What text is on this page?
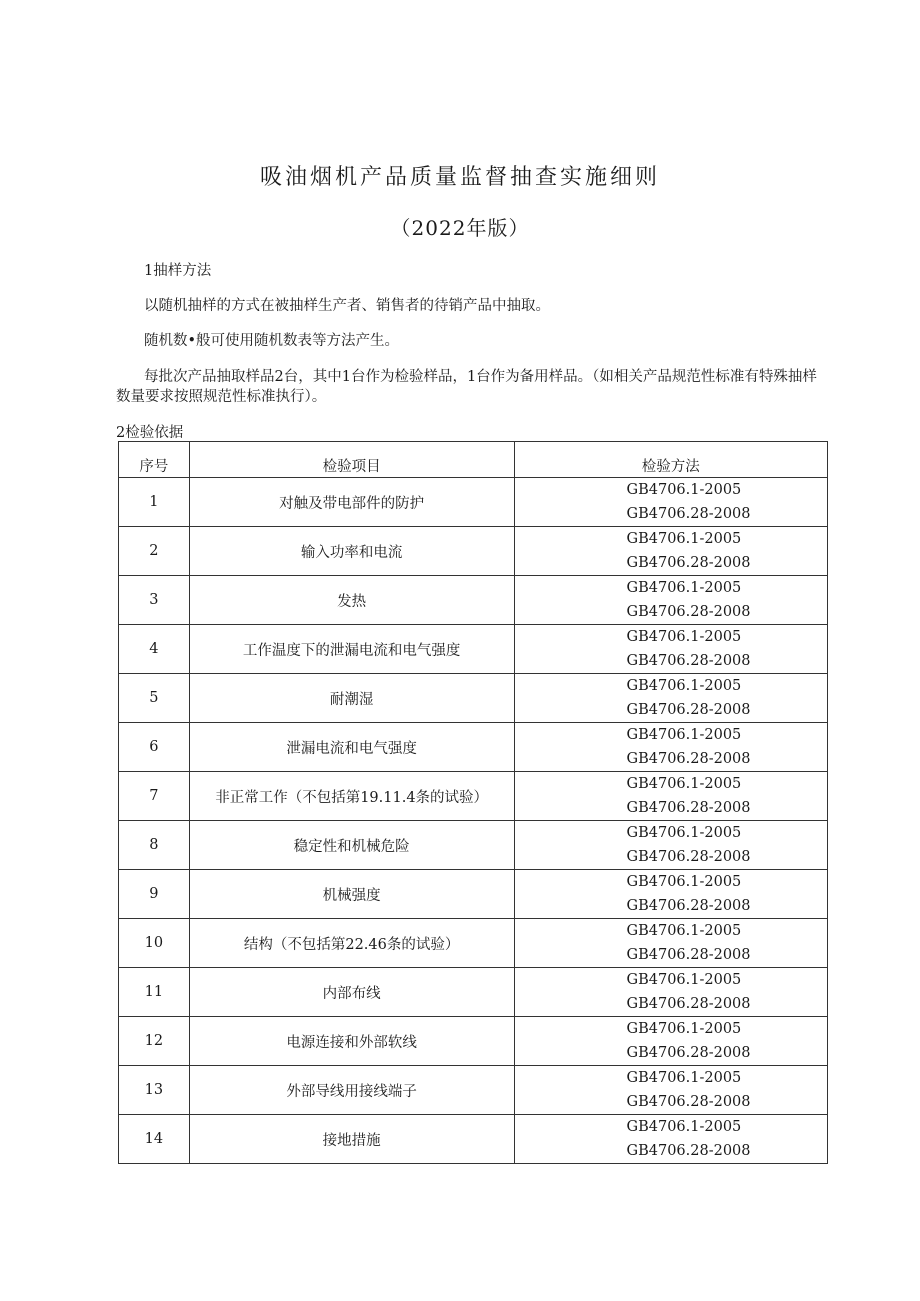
吸油烟机产品质量监督抽查实施细则
（2022年版）

1抽样方法

以随机抽样的方式在被抽样生产者、销售者的待销产品中抽取。

随机数•般可使用随机数表等方法产生。

每批次产品抽取样品2台，其中1台作为检验样品，1台作为备用样品。（如相关产品规范性标准有特殊抽样数量要求按照规范性标准执行）。

2检验依据

序号	检验项目	检验方法
1	对触及带电部件的防护	GB4706.1-2005
GB4706.28-2008

2	输入功率和电流	GB4706.1-2005
GB4706.28-2008

3	发热	GB4706.1-2005
GB4706.28-2008

4	工作温度下的泄漏电流和电气强度	GB4706.1-2005
GB4706.28-2008

5	耐潮湿	GB4706.1-2005
GB4706.28-2008

6	泄漏电流和电气强度	GB4706.1-2005
GB4706.28-2008

7	非正常工作（不包括第19.11.4条的试验）	GB4706.1-2005
GB4706.28-2008

8	稳定性和机械危险	GB4706.1-2005
GB4706.28-2008

9	机械强度	GB4706.1-2005
GB4706.28-2008

10	结构（不包括第22.46条的试验）	GB4706.1-2005
GB4706.28-2008

11	内部布线	GB4706.1-2005
GB4706.28-2008

12	电源连接和外部软线	GB4706.1-2005
GB4706.28-2008

13	外部导线用接线端子	GB4706.1-2005
GB4706.28-2008

14	接地措施	GB4706.1-2005
GB4706.28-2008
